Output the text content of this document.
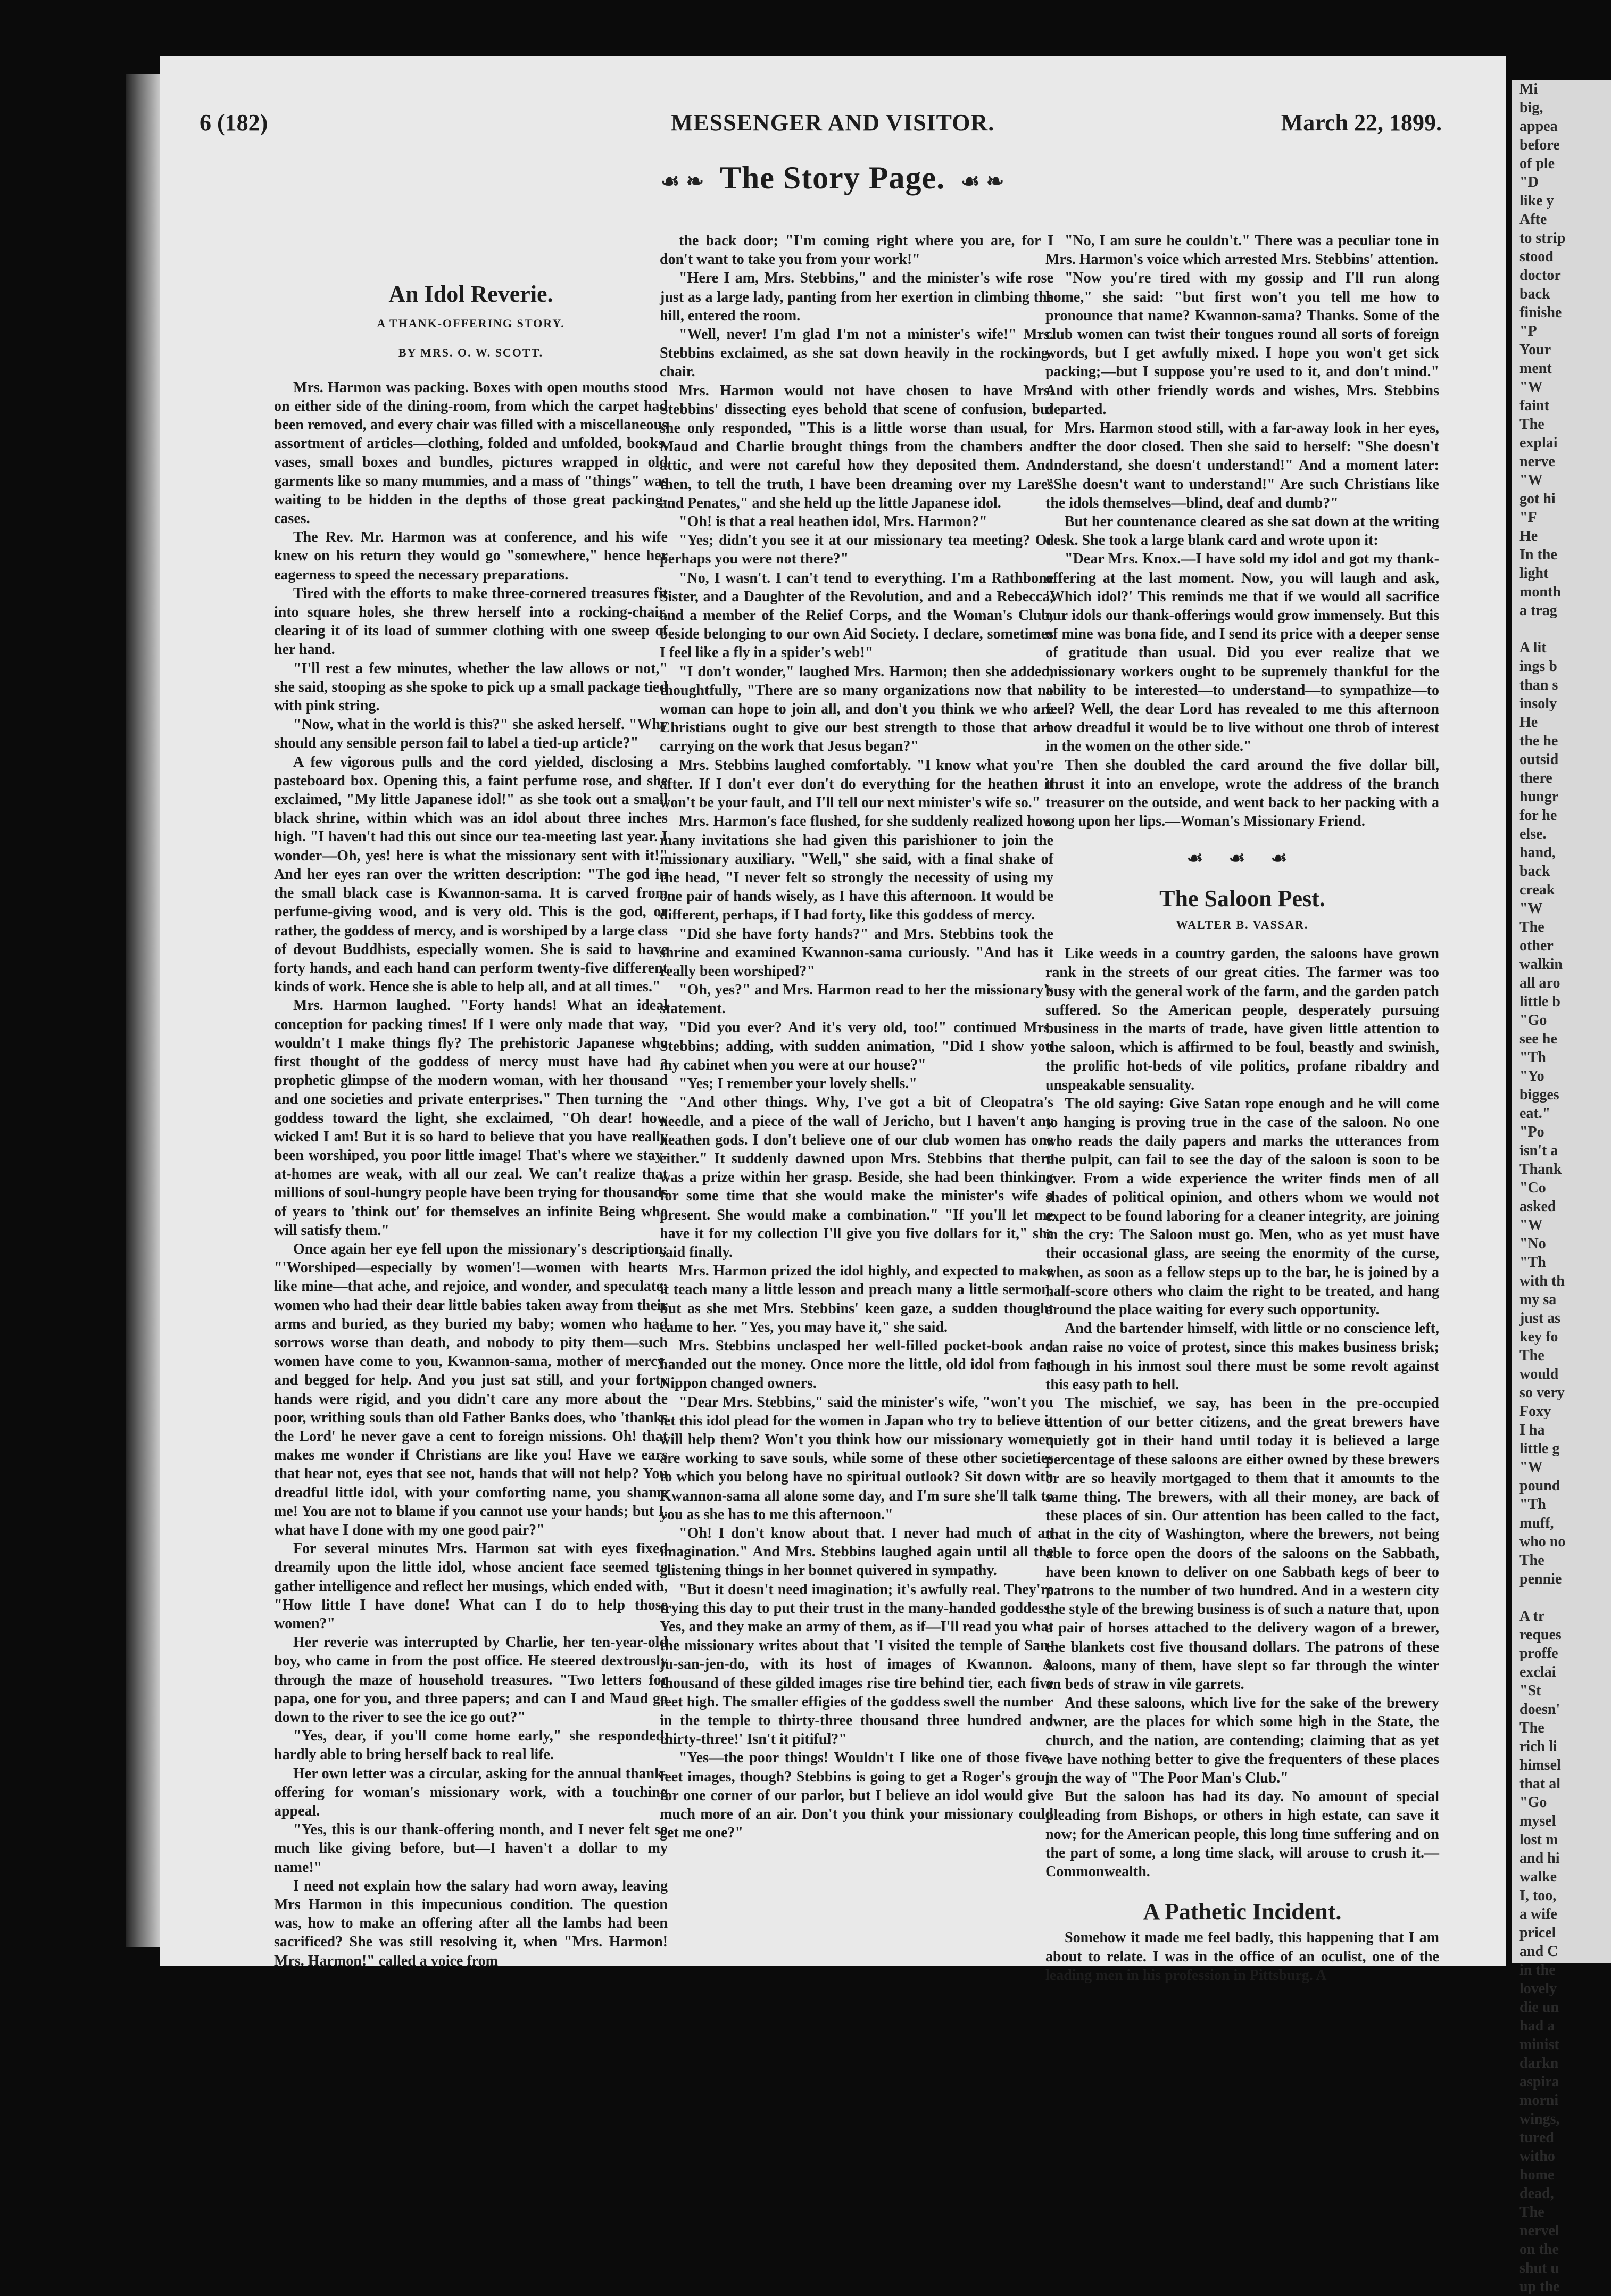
6 (182)	MESSENGER AND VISITOR.	March 22, 1899.
☙ ❧ The Story Page. ☙ ❧
An Idol Reverie.
A THANK-OFFERING STORY.
BY MRS. O. W. SCOTT.

Mrs. Harmon was packing. Boxes with open mouths stood on either side of the dining-room, from which the carpet had been removed, and every chair was filled with a miscellaneous assortment of articles—clothing, folded and unfolded, books, vases, small boxes and bundles, pictures wrapped in old garments like so many mummies, and a mass of "things" was waiting to be hidden in the depths of those great packing-cases.

The Rev. Mr. Harmon was at conference, and his wife knew on his return they would go "somewhere," hence her eagerness to speed the necessary preparations.

Tired with the efforts to make three-cornered treasures fit into square holes, she threw herself into a rocking-chair, clearing it of its load of summer clothing with one sweep of her hand.

"I'll rest a few minutes, whether the law allows or not," she said, stooping as she spoke to pick up a small package tied with pink string.

"Now, what in the world is this?" she asked herself. "Why should any sensible person fail to label a tied-up article?"

A few vigorous pulls and the cord yielded, disclosing a pasteboard box. Opening this, a faint perfume rose, and she exclaimed, "My little Japanese idol!" as she took out a small black shrine, within which was an idol about three inches high. "I haven't had this out since our tea-meeting last year. I wonder—Oh, yes! here is what the missionary sent with it!" And her eyes ran over the written description: "The god in the small black case is Kwannon-sama. It is carved from perfume-giving wood, and is very old. This is the god, or rather, the goddess of mercy, and is worshiped by a large class of devout Buddhists, especially women. She is said to have forty hands, and each hand can perform twenty-five different kinds of work. Hence she is able to help all, and at all times."

Mrs. Harmon laughed. "Forty hands! What an ideal conception for packing times! If I were only made that way, wouldn't I make things fly? The prehistoric Japanese who first thought of the goddess of mercy must have had a prophetic glimpse of the modern woman, with her thousand and one societies and private enterprises." Then turning the goddess toward the light, she exclaimed, "Oh dear! how wicked I am! But it is so hard to believe that you have really been worshiped, you poor little image! That's where we stay-at-homes are weak, with all our zeal. We can't realize that millions of soul-hungry people have been trying for thousands of years to 'think out' for themselves an infinite Being who will satisfy them."

Once again her eye fell upon the missionary's description: "'Worshiped—especially by women'!—women with hearts like mine—that ache, and rejoice, and wonder, and speculate; women who had their dear little babies taken away from their arms and buried, as they buried my baby; women who had sorrows worse than death, and nobody to pity them—such women have come to you, Kwannon-sama, mother of mercy, and begged for help. And you just sat still, and your forty hands were rigid, and you didn't care any more about the poor, writhing souls than old Father Banks does, who 'thanks the Lord' he never gave a cent to foreign missions. Oh! that makes me wonder if Christians are like you! Have we ears that hear not, eyes that see not, hands that will not help? You dreadful little idol, with your comforting name, you shame me! You are not to blame if you cannot use your hands; but I, what have I done with my one good pair?"

For several minutes Mrs. Harmon sat with eyes fixed dreamily upon the little idol, whose ancient face seemed to gather intelligence and reflect her musings, which ended with, "How little I have done! What can I do to help those women?"

Her reverie was interrupted by Charlie, her ten-year-old boy, who came in from the post office. He steered dextrously through the maze of household treasures. "Two letters for papa, one for you, and three papers; and can I and Maud go down to the river to see the ice go out?"

"Yes, dear, if you'll come home early," she responded, hardly able to bring herself back to real life.

Her own letter was a circular, asking for the annual thank-offering for woman's missionary work, with a touching appeal.

"Yes, this is our thank-offering month, and I never felt so much like giving before, but—I haven't a dollar to my name!"

I need not explain how the salary had worn away, leaving Mrs Harmon in this impecunious condition. The question was, how to make an offering after all the lambs had been sacrificed? She was still resolving it, when "Mrs. Harmon! Mrs. Harmon!" called a voice from

the back door; "I'm coming right where you are, for I don't want to take you from your work!"

"Here I am, Mrs. Stebbins," and the minister's wife rose just as a large lady, panting from her exertion in climbing the hill, entered the room.

"Well, never! I'm glad I'm not a minister's wife!" Mrs. Stebbins exclaimed, as she sat down heavily in the rocking-chair.

Mrs. Harmon would not have chosen to have Mrs. Stebbins' dissecting eyes behold that scene of confusion, but she only responded, "This is a little worse than usual, for Maud and Charlie brought things from the chambers and attic, and were not careful how they deposited them. And then, to tell the truth, I have been dreaming over my Lares and Penates," and she held up the little Japanese idol.

"Oh! is that a real heathen idol, Mrs. Harmon?"

"Yes; didn't you see it at our missionary tea meeting? Or perhaps you were not there?"

"No, I wasn't. I can't tend to everything. I'm a Rathbone Sister, and a Daughter of the Revolution, and and a Rebecca, and a member of the Relief Corps, and the Woman's Club, beside belonging to our own Aid Society. I declare, sometimes I feel like a fly in a spider's web!"

"I don't wonder," laughed Mrs. Harmon; then she added, thoughtfully, "There are so many organizations now that no woman can hope to join all, and don't you think we who are Christians ought to give our best strength to those that are carrying on the work that Jesus began?"

Mrs. Stebbins laughed comfortably. "I know what you're after. If I don't ever don't do everything for the heathen it won't be your fault, and I'll tell our next minister's wife so."

Mrs. Harmon's face flushed, for she suddenly realized how many invitations she had given this parishioner to join the missionary auxiliary. "Well," she said, with a final shake of the head, "I never felt so strongly the necessity of using my one pair of hands wisely, as I have this afternoon. It would be different, perhaps, if I had forty, like this goddess of mercy.

"Did she have forty hands?" and Mrs. Stebbins took the shrine and examined Kwannon-sama curiously. "And has it really been worshiped?"

"Oh, yes?" and Mrs. Harmon read to her the missionary's statement.

"Did you ever? And it's very old, too!" continued Mrs. Stebbins; adding, with sudden animation, "Did I show you my cabinet when you were at our house?"

"Yes; I remember your lovely shells."

"And other things. Why, I've got a bit of Cleopatra's needle, and a piece of the wall of Jericho, but I haven't any heathen gods. I don't believe one of our club women has one either." It suddenly dawned upon Mrs. Stebbins that there was a prize within her grasp. Beside, she had been thinking for some time that she would make the minister's wife a present. She would make a combination." "If you'll let me have it for my collection I'll give you five dollars for it," she said finally.

Mrs. Harmon prized the idol highly, and expected to make it teach many a little lesson and preach many a little sermon, but as she met Mrs. Stebbins' keen gaze, a sudden thought came to her. "Yes, you may have it," she said.

Mrs. Stebbins unclasped her well-filled pocket-book and handed out the money. Once more the little, old idol from far Nippon changed owners.

"Dear Mrs. Stebbins," said the minister's wife, "won't you let this idol plead for the women in Japan who try to believe it will help them? Won't you think how our missionary women are working to save souls, while some of these other societies to which you belong have no spiritual outlook? Sit down with Kwannon-sama all alone some day, and I'm sure she'll talk to you as she has to me this afternoon."

"Oh! I don't know about that. I never had much of an imagination." And Mrs. Stebbins laughed again until all the glistening things in her bonnet quivered in sympathy.

"But it doesn't need imagination; it's awfully real. They're trying this day to put their trust in the many-handed goddess. Yes, and they make an army of them, as if—I'll read you what the missionary writes about that 'I visited the temple of San-ju-san-jen-do, with its host of images of Kwannon. A thousand of these gilded images rise tire behind tier, each five feet high. The smaller effigies of the goddess swell the number in the temple to thirty-three thousand three hundred and thirty-three!' Isn't it pitiful?"

"Yes—the poor things! Wouldn't I like one of those five-feet images, though? Stebbins is going to get a Roger's group for one corner of our parlor, but I believe an idol would give much more of an air. Don't you think your missionary could get me one?"

"No, I am sure he couldn't." There was a peculiar tone in Mrs. Harmon's voice which arrested Mrs. Stebbins' attention.

"Now you're tired with my gossip and I'll run along home," she said: "but first won't you tell me how to pronounce that name? Kwannon-sama? Thanks. Some of the club women can twist their tongues round all sorts of foreign words, but I get awfully mixed. I hope you won't get sick packing;—but I suppose you're used to it, and don't mind." And with other friendly words and wishes, Mrs. Stebbins departed.

Mrs. Harmon stood still, with a far-away look in her eyes, after the door closed. Then she said to herself: "She doesn't understand, she doesn't understand!" And a moment later: "She doesn't want to understand!" Are such Christians like the idols themselves—blind, deaf and dumb?"

But her countenance cleared as she sat down at the writing desk. She took a large blank card and wrote upon it:

"Dear Mrs. Knox.—I have sold my idol and got my thank-offering at the last moment. Now, you will laugh and ask, 'Which idol?' This reminds me that if we would all sacrifice our idols our thank-offerings would grow immensely. But this of mine was bona fide, and I send its price with a deeper sense of gratitude than usual. Did you ever realize that we missionary workers ought to be supremely thankful for the ability to be interested—to understand—to sympathize—to feel? Well, the dear Lord has revealed to me this afternoon how dreadful it would be to live without one throb of interest in the women on the other side."

Then she doubled the card around the five dollar bill, thrust it into an envelope, wrote the address of the branch treasurer on the outside, and went back to her packing with a song upon her lips.—Woman's Missionary Friend.

☙ ☙ ☙
The Saloon Pest.
WALTER B. VASSAR.

Like weeds in a country garden, the saloons have grown rank in the streets of our great cities. The farmer was too busy with the general work of the farm, and the garden patch suffered. So the American people, desperately pursuing business in the marts of trade, have given little attention to the saloon, which is affirmed to be foul, beastly and swinish, the prolific hot-beds of vile politics, profane ribaldry and unspeakable sensuality.

The old saying: Give Satan rope enough and he will come to hanging is proving true in the case of the saloon. No one who reads the daily papers and marks the utterances from the pulpit, can fail to see the day of the saloon is soon to be over. From a wide experience the writer finds men of all shades of political opinion, and others whom we would not expect to be found laboring for a cleaner integrity, are joining in the cry: The Saloon must go. Men, who as yet must have their occasional glass, are seeing the enormity of the curse, when, as soon as a fellow steps up to the bar, he is joined by a half-score others who claim the right to be treated, and hang around the place waiting for every such opportunity.

And the bartender himself, with little or no conscience left, can raise no voice of protest, since this makes business brisk; though in his inmost soul there must be some revolt against this easy path to hell.

The mischief, we say, has been in the pre-occupied attention of our better citizens, and the great brewers have quietly got in their hand until today it is believed a large percentage of these saloons are either owned by these brewers or are so heavily mortgaged to them that it amounts to the same thing. The brewers, with all their money, are back of these places of sin. Our attention has been called to the fact, that in the city of Washington, where the brewers, not being able to force open the doors of the saloons on the Sabbath, have been known to deliver on one Sabbath kegs of beer to patrons to the number of two hundred. And in a western city the style of the brewing business is of such a nature that, upon a pair of horses attached to the delivery wagon of a brewer, the blankets cost five thousand dollars. The patrons of these saloons, many of them, have slept so far through the winter on beds of straw in vile garrets.

And these saloons, which live for the sake of the brewery owner, are the places for which some high in the State, the church, and the nation, are contending; claiming that as yet we have nothing better to give the frequenters of these places in the way of "The Poor Man's Club."

But the saloon has had its day. No amount of special pleading from Bishops, or others in high estate, can save it now; for the American people, this long time suffering and on the part of some, a long time slack, will arouse to crush it.—Commonwealth.

A Pathetic Incident.

Somehow it made me feel badly, this happening that I am about to relate. I was in the office of an oculist, one of the leading men in his profession in Pittsburg. A

Mi
big,
appea
before
of ple
"D
like y
Afte
to strip
stood
doctor
back
finishe
"P
Your
ment
"W
faint
The
explai
nerve
"W
got hi
"F
He
In the
light
month
a trag
A lit
ings b
than s
insoly
He
the he
outsid
there
hungr
for he
else.
hand,
back
creak
"W
The
other
walkin
all aro
little b
"Go
see he
"Th
"Yo
bigges
eat."
"Po
isn't a
Thank
"Co
asked
"W
"No
"Th
with th
my sa
just as
key fo
The
would
so very
Foxy
I ha
little g
"W
pound
"Th
muff,
who no
The
pennie
A tr
reques
proffe
exclai
"St
doesn'
The
rich li
himsel
that al
"Go
mysel
lost m
and hi
walke
I, too,
a wife
pricel
and C
in the
lovely
die un
had a
minist
darkn
aspira
morni
wings,
tured
witho
home
dead,
The
nervel
on the
shut u
up the
